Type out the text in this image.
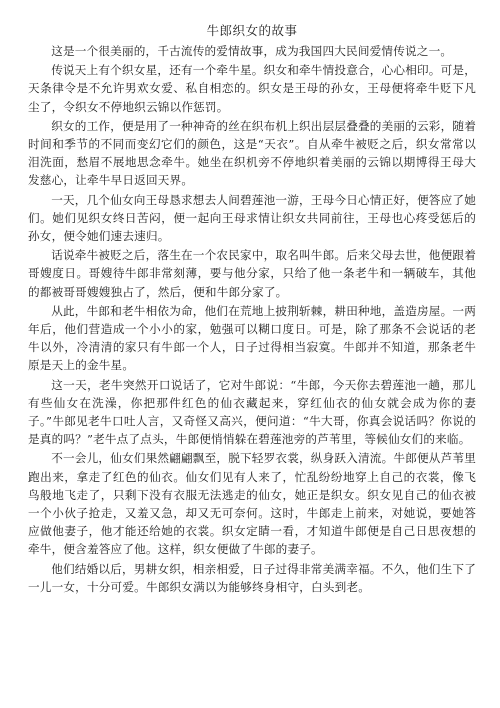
牛郎织女的故事

这是一个很美丽的，千古流传的爱情故事，成为我国四大民间爱情传说之一。

传说天上有个织女星，还有一个牵牛星。织女和牵牛情投意合，心心相印。可是，天条律令是不允许男欢女爱、私自相恋的。织女是王母的孙女，王母便将牵牛贬下凡尘了，令织女不停地织云锦以作惩罚。

织女的工作，便是用了一种神奇的丝在织布机上织出层层叠叠的美丽的云彩，随着时间和季节的不同而变幻它们的颜色，这是“天衣”。自从牵牛被贬之后，织女常常以泪洗面，愁眉不展地思念牵牛。她坐在织机旁不停地织着美丽的云锦以期博得王母大发慈心，让牵牛早日返回天界。

一天，几个仙女向王母恳求想去人间碧莲池一游，王母今日心情正好，便答应了她们。她们见织女终日苦闷，便一起向王母求情让织女共同前往，王母也心疼受惩后的孙女，便令她们速去速归。

话说牵牛被贬之后，落生在一个农民家中，取名叫牛郎。后来父母去世，他便跟着哥嫂度日。哥嫂待牛郎非常刻薄，要与他分家，只给了他一条老牛和一辆破车，其他的都被哥哥嫂嫂独占了，然后，便和牛郎分家了。

从此，牛郎和老牛相依为命，他们在荒地上披荆斩棘，耕田种地，盖造房屋。一两年后，他们营造成一个小小的家，勉强可以糊口度日。可是，除了那条不会说话的老牛以外，冷清清的家只有牛郎一个人，日子过得相当寂寞。牛郎并不知道，那条老牛原是天上的金牛星。

这一天，老牛突然开口说话了，它对牛郎说：“牛郎，今天你去碧莲池一趟，那儿有些仙女在洗澡，你把那件红色的仙衣藏起来，穿红仙衣的仙女就会成为你的妻子。”牛郎见老牛口吐人言，又奇怪又高兴，便问道：“牛大哥，你真会说话吗？你说的是真的吗？”老牛点了点头，牛郎便悄悄躲在碧莲池旁的芦苇里，等候仙女们的来临。

不一会儿，仙女们果然翩翩飘至，脱下轻罗衣裳，纵身跃入清流。牛郎便从芦苇里跑出来，拿走了红色的仙衣。仙女们见有人来了，忙乱纷纷地穿上自己的衣裳，像飞鸟般地飞走了，只剩下没有衣服无法逃走的仙女，她正是织女。织女见自己的仙衣被一个小伙子抢走，又羞又急，却又无可奈何。这时，牛郎走上前来，对她说，要她答应做他妻子，他才能还给她的衣裳。织女定睛一看，才知道牛郎便是自己日思夜想的牵牛，便含羞答应了他。这样，织女便做了牛郎的妻子。

他们结婚以后，男耕女织，相亲相爱，日子过得非常美满幸福。不久，他们生下了一儿一女，十分可爱。牛郎织女满以为能够终身相守，白头到老。
